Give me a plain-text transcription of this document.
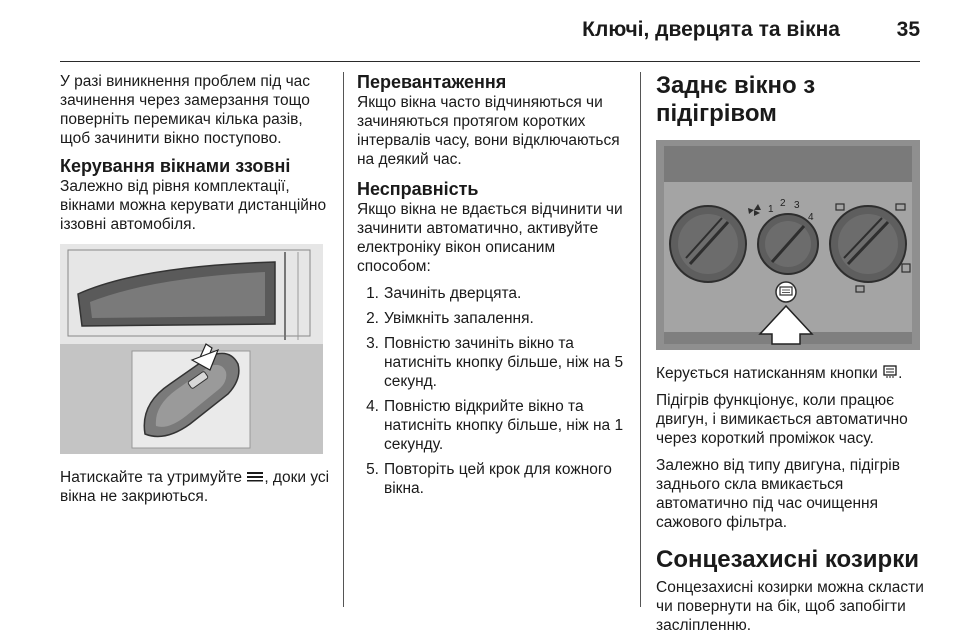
Ключі, дверцята та вікна	35

У разі виникнення проблем під час зачинення через замерзання тощо поверніть перемикач кілька разів, щоб зачинити вікно поступово.

Керування вікнами ззовні

Залежно від рівня комплектації, вікнами можна керувати дистанційно іззовні автомобіля.

Натискайте та утримуйте , доки усі вікна не закриються.

Перевантаження

Якщо вікна часто відчиняються чи зачиняються протягом коротких інтервалів часу, вони відключаються на деякий час.

Несправність

Якщо вікна не вдається відчинити чи зачинити автоматично, активуйте електроніку вікон описаним способом:

1. Зачиніть дверцята.
2. Увімкніть запалення.
3. Повністю зачиніть вікно та натисніть кнопку більше, ніж на 5 секунд.
4. Повністю відкрийте вікно та натисніть кнопку більше, ніж на 1 секунду.
5. Повторіть цей крок для кожного вікна.
Заднє вікно з підігрівом
1
2 3
4

Керується натисканням кнопки .

Підігрів функціонує, коли працює двигун, і вимикається автоматично через короткий проміжок часу.

Залежно від типу двигуна, підігрів заднього скла вмикається автоматично під час очищення сажового фільтра.

Сонцезахисні козирки

Сонцезахисні козирки можна скласти чи повернути на бік, щоб запобігти засліпленню.
